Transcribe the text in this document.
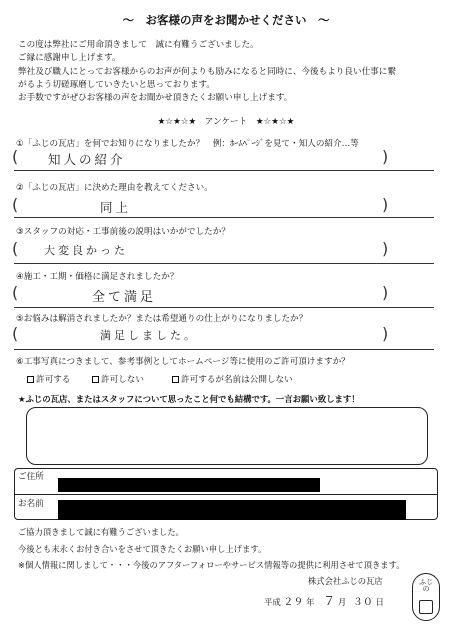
～　お客様の声をお聞かせください　～
この度は弊社にご用命頂きまして　誠に有難うございました。
ご縁に感謝申し上げます。
弊社及び職人にとってお客様からのお声が何よりも励みになると同時に、今後もより良い仕事に繋
がるよう切磋琢磨していきたいと思っております。
お手数ですがぜひお客様の声をお聞かせ頂きたくお願い申し上げます。
★☆★☆★　アンケート　★☆★☆★
①「ふじの瓦店」を何でお知りになりましたか？　例：ﾎｰﾑﾍﾟｰｼﾞを見て・知人の紹介…等
( 知人の紹介	)
②「ふじの瓦店」に決めた理由を教えてください。
(	同上	)
③スタッフの対応・工事前後の説明はいかがでしたか？
( 大変良かった	)
④施工・工期・価格に満足されましたか？
(	全て満足	)
⑤お悩みは解消されましたか？または希望通りの仕上がりになりましたか？
(	満足しました。	)
⑥工事写真につきまして、参考事例としてホームページ等に使用のご許可頂けますか？
許可する	許可しない	許可するが名前は公開しない
★ふじの瓦店、またはスタッフについて思ったこと何でも結構です。一言お願い致します！
ご住所
お名前
ご協力頂きまして誠に有難うございました。
今後とも末永くお付き合いをさせて頂きたくお願い申し上げます。
※個人情報に関しまして・・・今後のアフターフォローやサービス情報等の提供に利用させて頂きます。
株式会社ふじの瓦店
平成 ２９ 年 ７ 月 ３０ 日
ふじの
